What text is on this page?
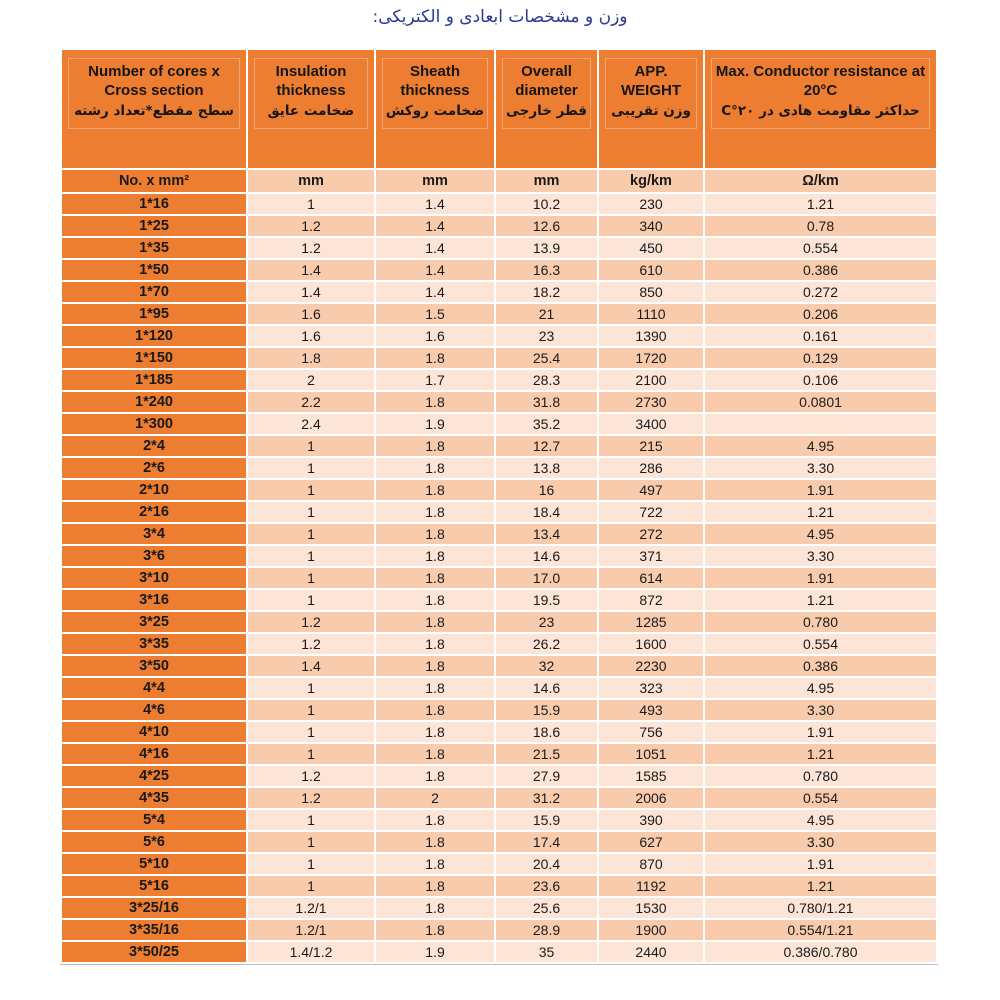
وزن و مشخصات ابعادی و الکتریکی:
Number of cores x Cross section
سطح مقطع*تعداد رشته

Insulation thickness
ضخامت عایق

Sheath thickness
ضخامت روکش

Overall diameter
قطر خارجی

APP. WEIGHT
وزن تقریبی

Max. Conductor resistance at 20°C
حداکثر مقاومت هادی در ۲۰°C

No. x mm²	mm	mm	mm	kg/km	Ω/km
1*16	1	1.4	10.2	230	1.21
1*25	1.2	1.4	12.6	340	0.78
1*35	1.2	1.4	13.9	450	0.554
1*50	1.4	1.4	16.3	610	0.386
1*70	1.4	1.4	18.2	850	0.272
1*95	1.6	1.5	21	1110	0.206
1*120	1.6	1.6	23	1390	0.161
1*150	1.8	1.8	25.4	1720	0.129
1*185	2	1.7	28.3	2100	0.106
1*240	2.2	1.8	31.8	2730	0.0801
1*300	2.4	1.9	35.2	3400	
2*4	1	1.8	12.7	215	4.95
2*6	1	1.8	13.8	286	3.30
2*10	1	1.8	16	497	1.91
2*16	1	1.8	18.4	722	1.21
3*4	1	1.8	13.4	272	4.95
3*6	1	1.8	14.6	371	3.30
3*10	1	1.8	17.0	614	1.91
3*16	1	1.8	19.5	872	1.21
3*25	1.2	1.8	23	1285	0.780
3*35	1.2	1.8	26.2	1600	0.554
3*50	1.4	1.8	32	2230	0.386
4*4	1	1.8	14.6	323	4.95
4*6	1	1.8	15.9	493	3.30
4*10	1	1.8	18.6	756	1.91
4*16	1	1.8	21.5	1051	1.21
4*25	1.2	1.8	27.9	1585	0.780
4*35	1.2	2	31.2	2006	0.554
5*4	1	1.8	15.9	390	4.95
5*6	1	1.8	17.4	627	3.30
5*10	1	1.8	20.4	870	1.91
5*16	1	1.8	23.6	1192	1.21
3*25/16	1.2/1	1.8	25.6	1530	0.780/1.21
3*35/16	1.2/1	1.8	28.9	1900	0.554/1.21
3*50/25	1.4/1.2	1.9	35	2440	0.386/0.780
